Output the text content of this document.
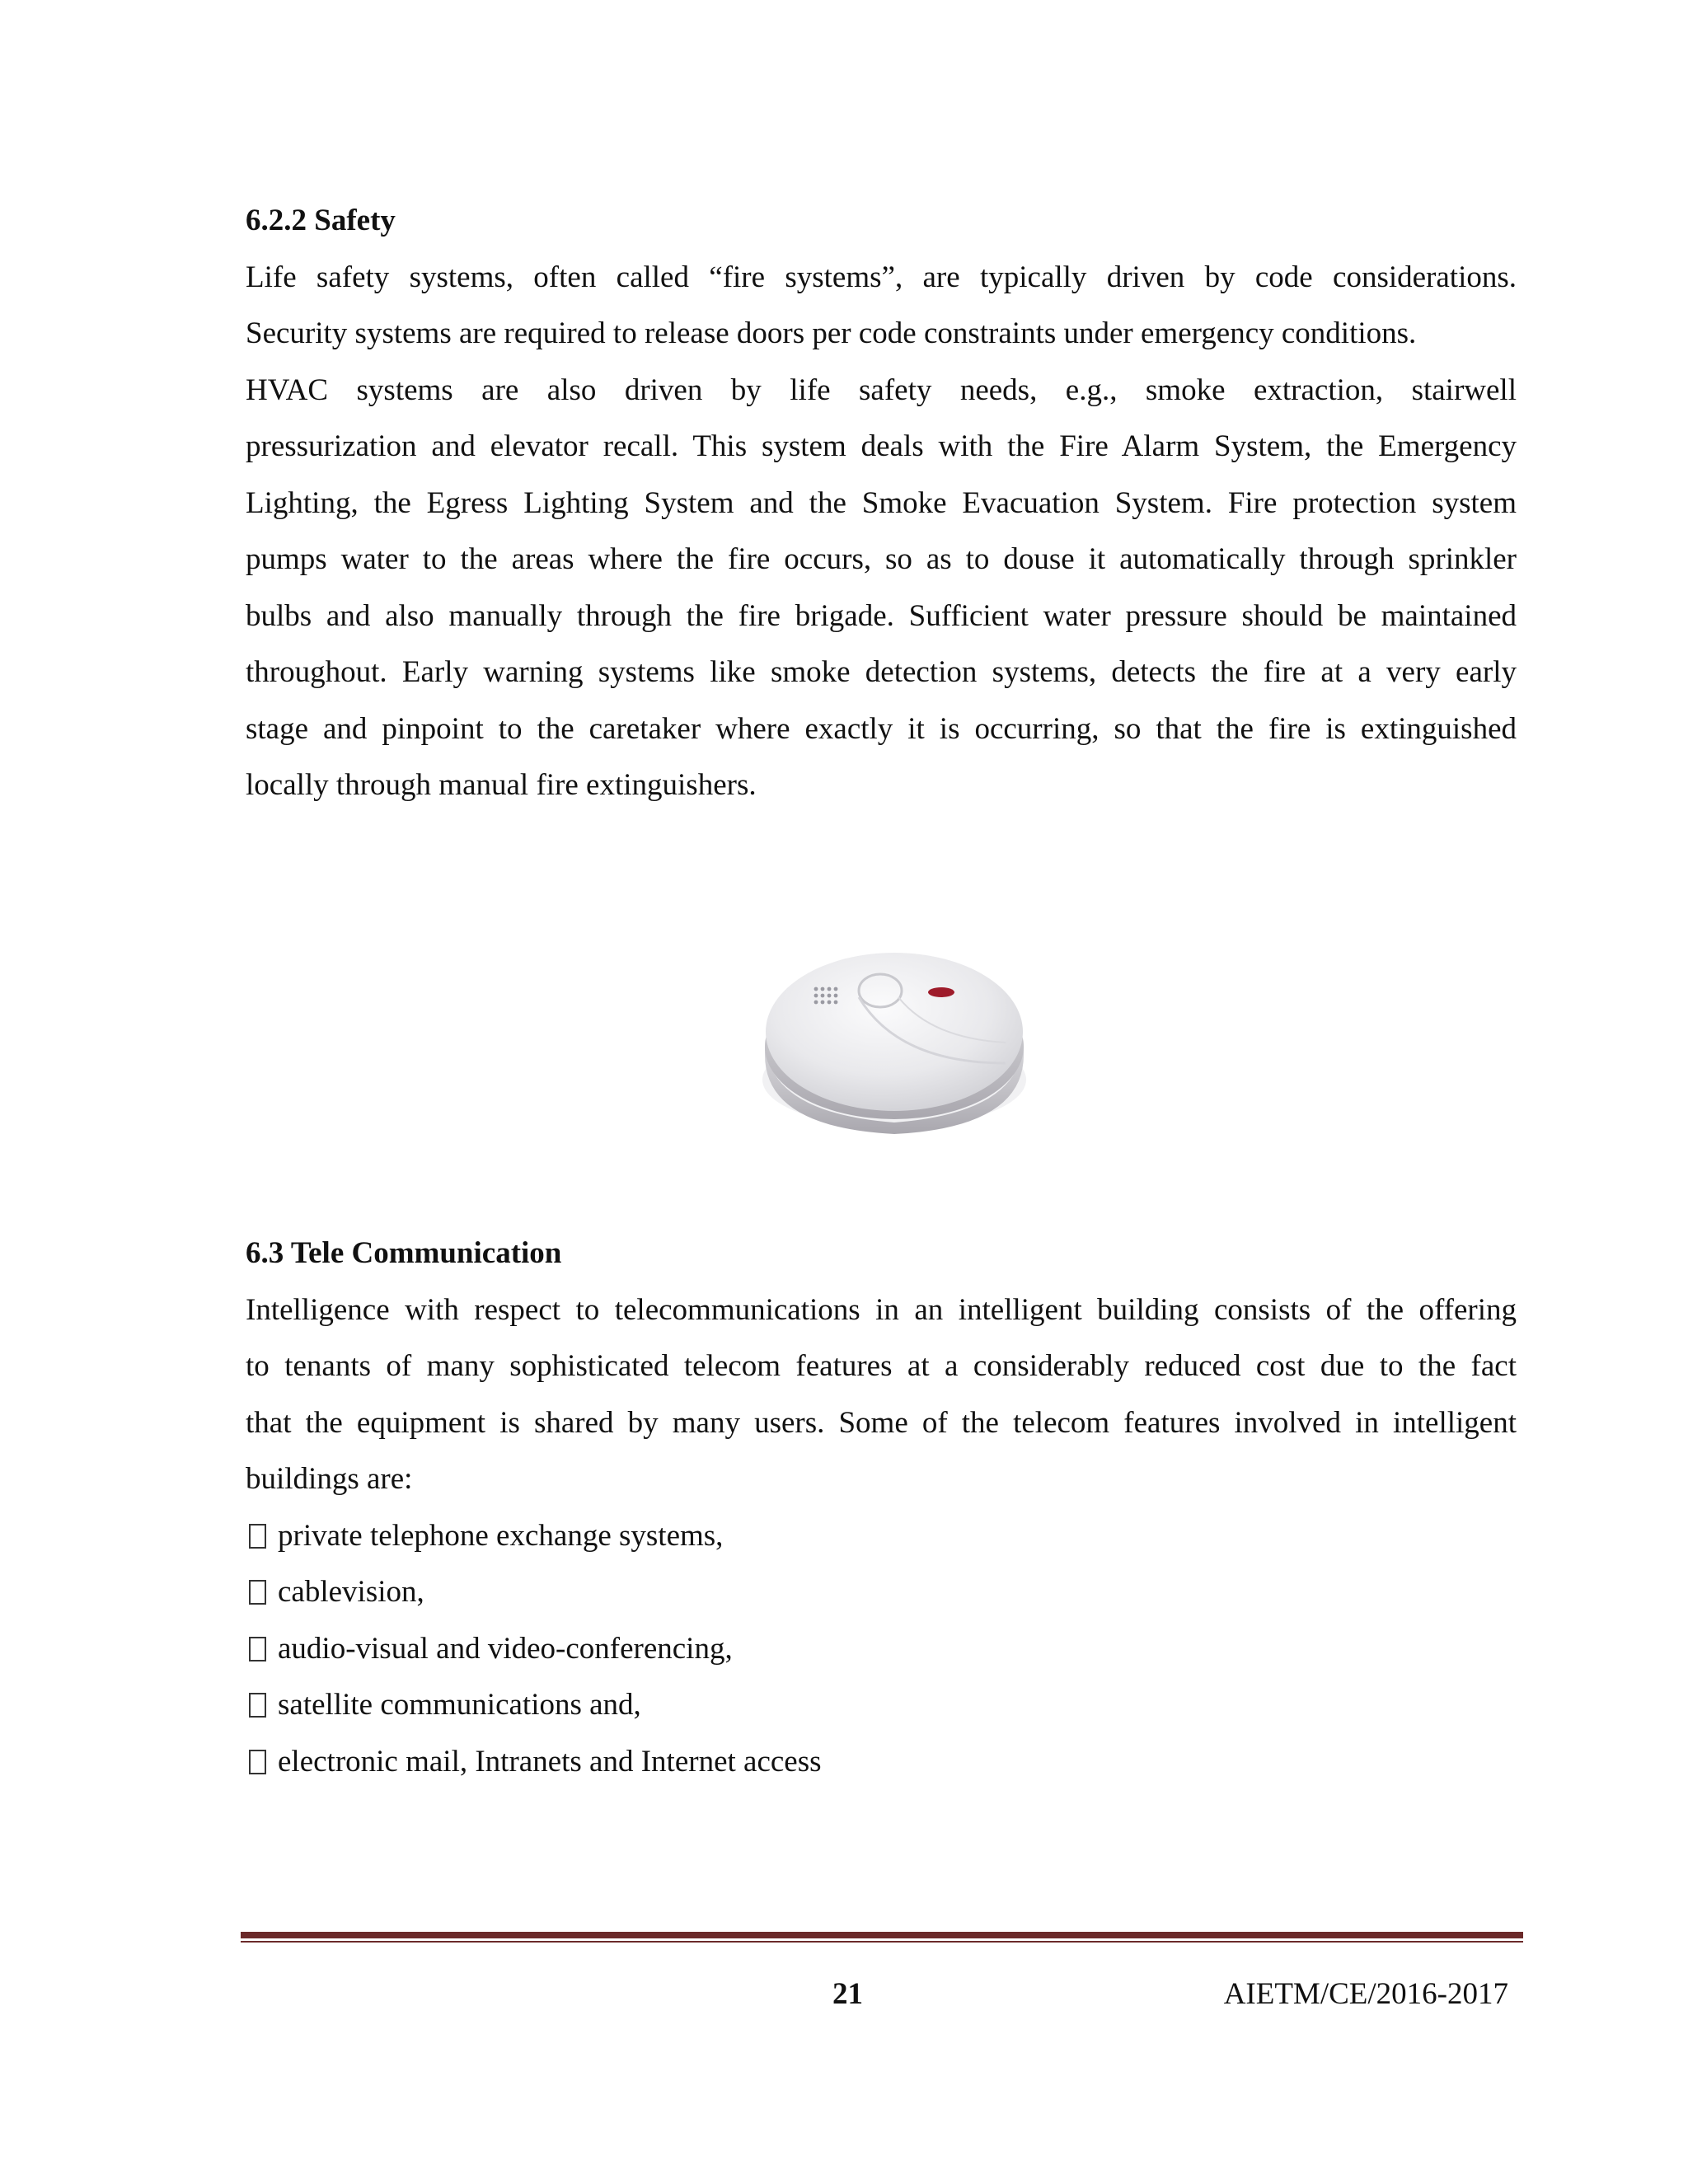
6.2.2 Safety

Life safety systems, often called “fire systems”, are typically driven by code considerations.
Security systems are required to release doors per code constraints under emergency conditions.
HVAC systems are also driven by life safety needs, e.g., smoke extraction, stairwell
pressurization and elevator recall. This system deals with the Fire Alarm System, the Emergency
Lighting, the Egress Lighting System and the Smoke Evacuation System. Fire protection system
pumps water to the areas where the fire occurs, so as to douse it automatically through sprinkler
bulbs and also manually through the fire brigade. Sufficient water pressure should be maintained
throughout. Early warning systems like smoke detection systems, detects the fire at a very early
stage and pinpoint to the caretaker where exactly it is occurring, so that the fire is extinguished
locally through manual fire extinguishers.

6.3 Tele Communication

Intelligence with respect to telecommunications in an intelligent building consists of the offering
to tenants of many sophisticated telecom features at a considerably reduced cost due to the fact
that the equipment is shared by many users. Some of the telecom features involved in intelligent
buildings are:

private telephone exchange systems,
cablevision,
audio-visual and video-conferencing,
satellite communications and,
electronic mail, Intranets and Internet access
21	AIETM/CE/2016-2017
